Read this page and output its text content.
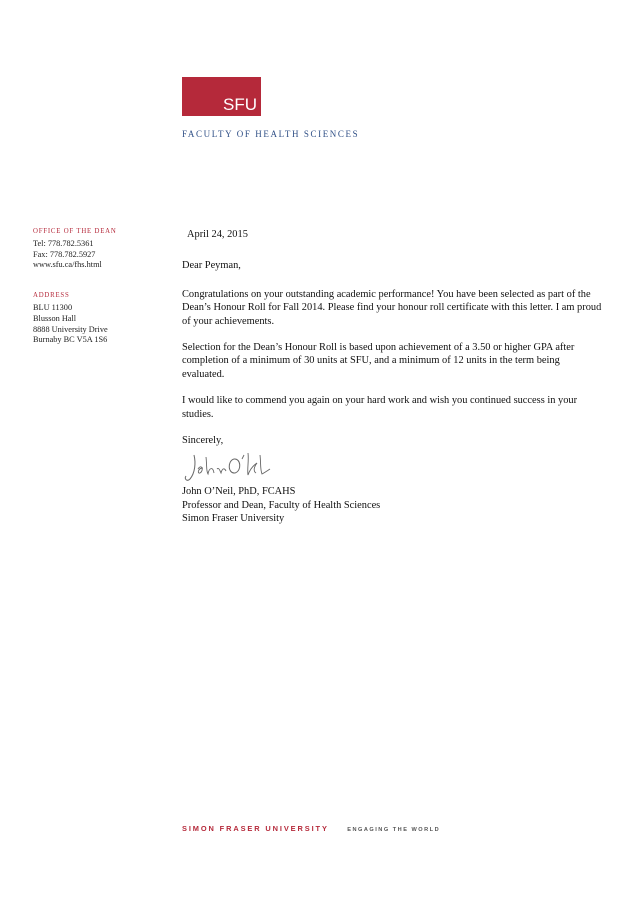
SFU
FACULTY OF HEALTH SCIENCES
OFFICE OF THE DEAN
Tel: 778.782.5361
Fax: 778.782.5927
www.sfu.ca/fhs.html
ADDRESS
BLU 11300
Blusson Hall
8888 University Drive
Burnaby BC V5A 1S6

April 24, 2015

Dear Peyman,

Congratulations on your outstanding academic performance! You have been selected as part of the Dean’s Honour Roll for Fall 2014. Please find your honour roll certificate with this letter. I am proud of your achievements.

Selection for the Dean’s Honour Roll is based upon achievement of a 3.50 or higher GPA after completion of a minimum of 30 units at SFU, and a minimum of 12 units in the term being evaluated.

I would like to commend you again on your hard work and wish you continued success in your studies.

Sincerely,

John O’Neil, PhD, FCAHS
Professor and Dean, Faculty of Health Sciences
Simon Fraser University
SIMON FRASER UNIVERSITY	ENGAGING THE WORLD
